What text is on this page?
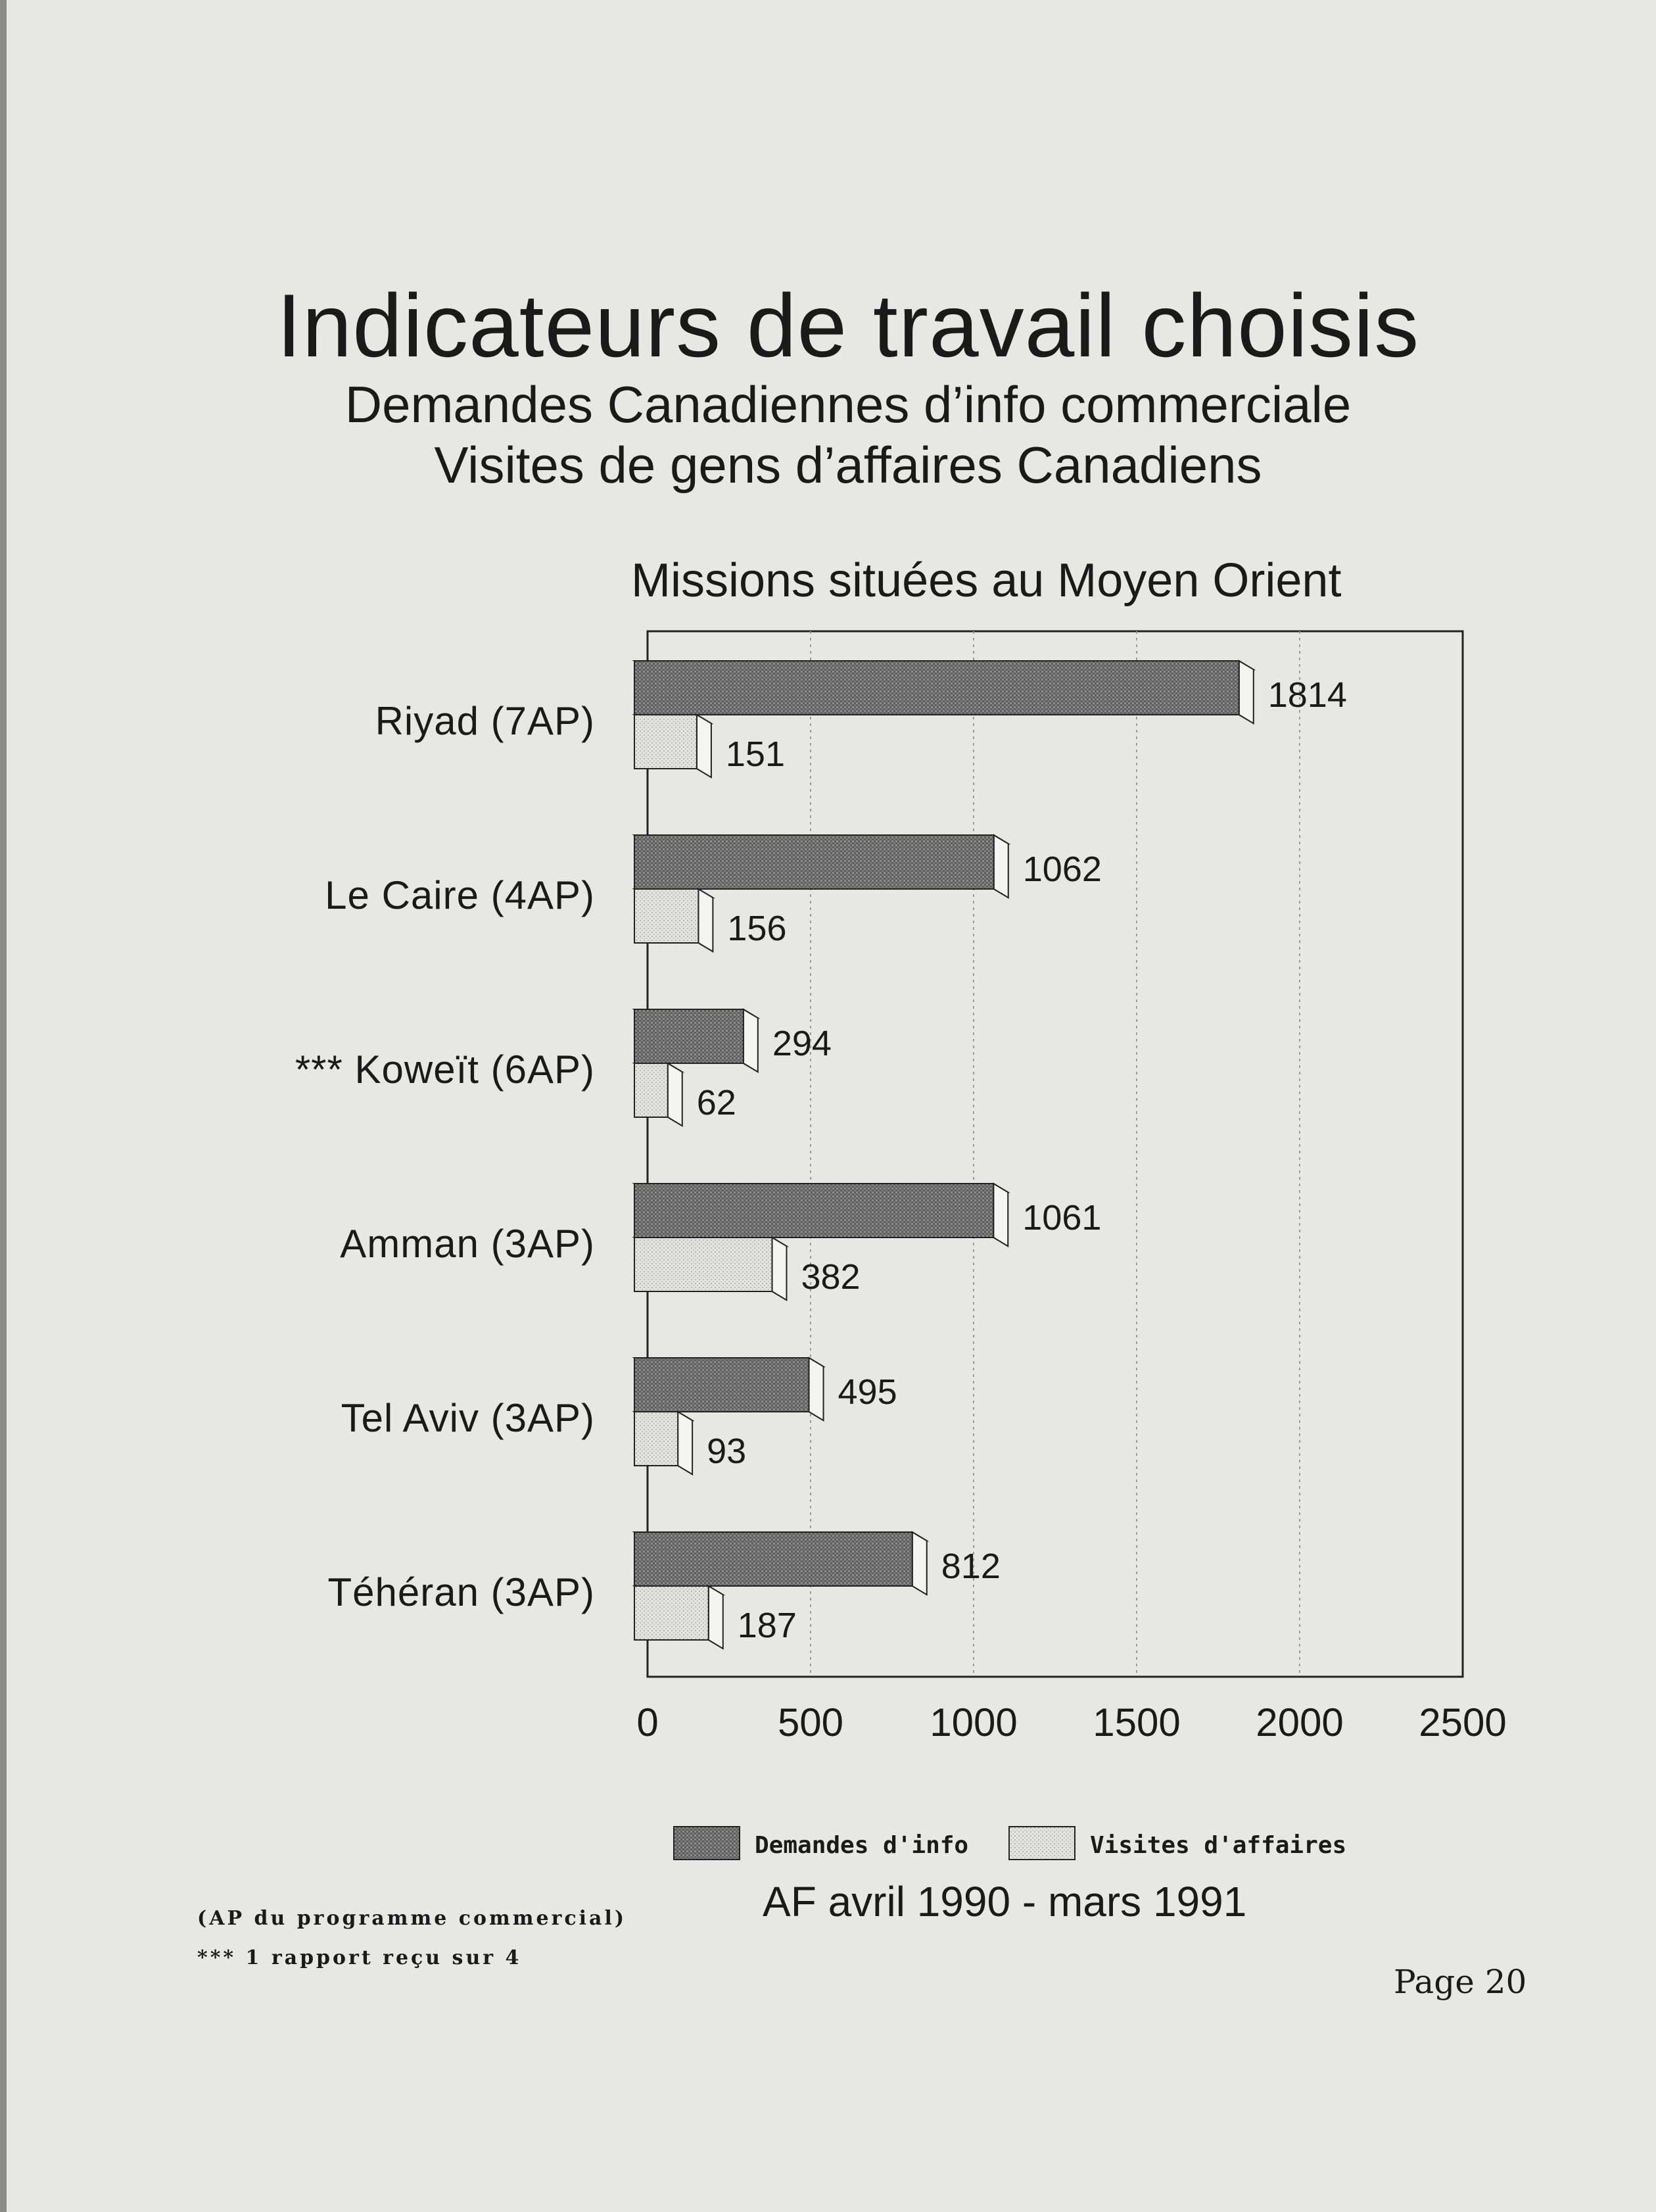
Indicateurs de travail choisis
Demandes Canadiennes d’info commerciale
Visites de gens d’affaires Canadiens
Missions situées au Moyen Orient
0	500 1000 1500 2000 2500
Riyad (7AP)
1814
151
Le Caire (4AP)
1062
156
*** Koweït (6AP)
294
62
Amman (3AP)
1061
382
Tel Aviv (3AP)
495
93
Téhéran (3AP)
812
187
Demandes d'info	Visites d'affaires
AF avril 1990 - mars 1991
(AP du programme commercial)
*** 1 rapport reçu sur 4
Page 20
